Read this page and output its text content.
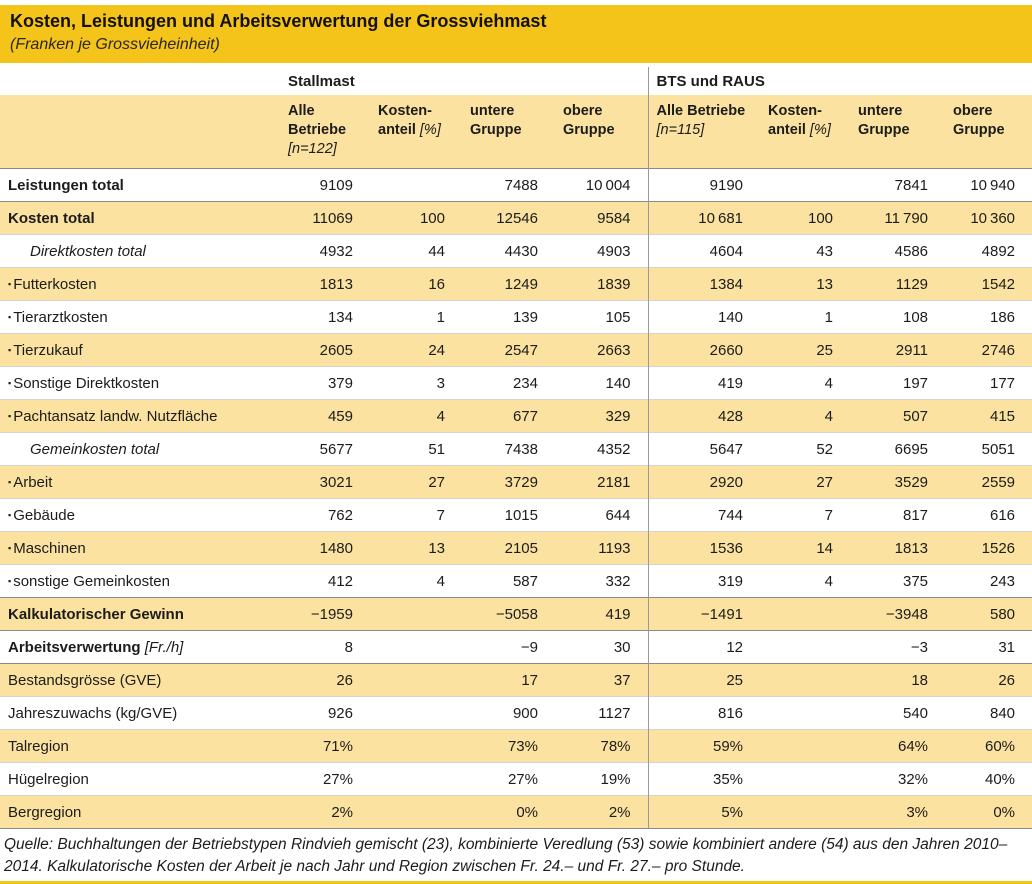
Kosten, Leistungen und Arbeitsverwertung der Grossviehmast

(Franken je Grossvieheinheit)

	Stallmast				BTS und RAUS			
	Alle Betriebe [n=122]	Kosten-anteil [%]	untere Gruppe	obere Gruppe	Alle Betriebe [n=115]	Kosten-anteil [%]	untere Gruppe	obere Gruppe
Leistungen total	9109		7488	10 004	9190		7841	10 940
Kosten total	11069	100	12546	9584	10 681	100	11 790	10 360
Direktkosten total	4932	44	4430	4903	4604	43	4586	4892
▪ Futterkosten	1813	16	1249	1839	1384	13	1129	1542
▪ Tierarztkosten	134	1	139	105	140	1	108	186
▪ Tierzukauf	2605	24	2547	2663	2660	25	2911	2746
▪ Sonstige Direktkosten	379	3	234	140	419	4	197	177
▪ Pachtansatz landw. Nutzfläche	459	4	677	329	428	4	507	415
Gemeinkosten total	5677	51	7438	4352	5647	52	6695	5051
▪ Arbeit	3021	27	3729	2181	2920	27	3529	2559
▪ Gebäude	762	7	1015	644	744	7	817	616
▪ Maschinen	1480	13	2105	1193	1536	14	1813	1526
▪ sonstige Gemeinkosten	412	4	587	332	319	4	375	243
Kalkulatorischer Gewinn	−1959		−5058	419	−1491		−3948	580
Arbeitsverwertung [Fr./h]	8		−9	30	12		−3	31
Bestandsgrösse (GVE)	26		17	37	25		18	26
Jahreszuwachs (kg/GVE)	926		900	1127	816		540	840
Talregion	71%		73%	78%	59%		64%	60%
Hügelregion	27%		27%	19%	35%		32%	40%
Bergregion	2%		0%	2%	5%		3%	0%

Quelle: Buchhaltungen der Betriebstypen Rindvieh gemischt (23), kombinierte Veredlung (53) sowie kombiniert andere (54) aus den Jahren 2010–2014. Kalkulatorische Kosten der Arbeit je nach Jahr und Region zwischen Fr. 24.– und Fr. 27.– pro Stunde.
